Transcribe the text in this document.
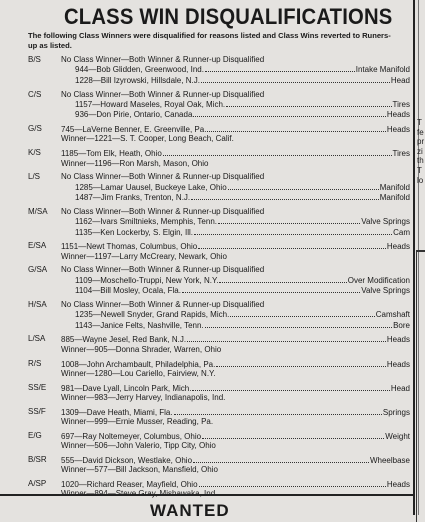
CLASS WIN DISQUALIFICATIONS
The following Class Winners were disqualified for reasons listed and Class Wins reverted to Runers-up as listed.
B/S	No Class Winner—Both Winner & Runner-up Disqualified
944—Bob Glidden, Greenwood, Ind.	Intake Manifold
1228—Bill Izyrowski, Hillsdale, N.J.	Head
C/S	No Class Winner—Both Winner & Runner-up Disqualified
1157—Howard Maseles, Royal Oak, Mich.	Tires
936—Don Pirie, Ontario, Canada	Heads
G/S	745—LaVerne Benner, E. Greenville, Pa.	Heads
Winner—1221—S. T. Cooper, Long Beach, Calif.
K/S	1185—Tom Elk, Heath, Ohio	Tires
Winner—1196—Ron Marsh, Mason, Ohio
L/S	No Class Winner—Both Winner & Runner-up Disqualified
1285—Lamar Uausel, Buckeye Lake, Ohio	Manifold
1487—Jim Franks, Trenton, N.J.	Manifold
M/SA	No Class Winner—Both Winner & Runner-up Disqualified
1162—Ivars Smiltnieks, Memphis, Tenn.	Valve Springs
1135—Ken Lockerby, S. Elgin, Ill.	Cam
E/SA	1151—Newt Thomas, Columbus, Ohio	Heads
Winner—1197—Larry McCreary, Newark, Ohio
G/SA	No Class Winner—Both Winner & Runner-up Disqualified
1109—Moschello-Truppi, New York, N.Y.	Over Modification
1104—Bill Mosley, Ocala, Fla.	Valve Springs
H/SA	No Class Winner—Both Winner & Runner-up Disqualified
1235—Newell Snyder, Grand Rapids, Mich.	Camshaft
1143—Janice Felts, Nashville, Tenn.	Bore
L/SA	885—Wayne Jesel, Red Bank, N.J.	Heads
Winner—905—Donna Shrader, Warren, Ohio
R/S	1008—John Archambault, Philadelphia, Pa.	Heads
Winner—1280—Lou Cariello, Fairview, N.Y.
SS/E	981—Dave Lyall, Lincoln Park, Mich.	Head
Winner—983—Jerry Harvey, Indianapolis, Ind.
SS/F	1309—Dave Heath, Miami, Fla.	Springs
Winner—999—Ernie Musser, Reading, Pa.
E/G	697—Ray Noltemeyer, Columbus, Ohio	Weight
Winner—506—John Valerio, Tipp City, Ohio
B/SR	555—David Dickson, Westlake, Ohio	Wheelbase
Winner—577—Bill Jackson, Mansfield, Ohio
A/SP	1020—Richard Reaser, Mayfield, Ohio	Heads
T
fe
pr
zi
th
T
lo
WANTED
